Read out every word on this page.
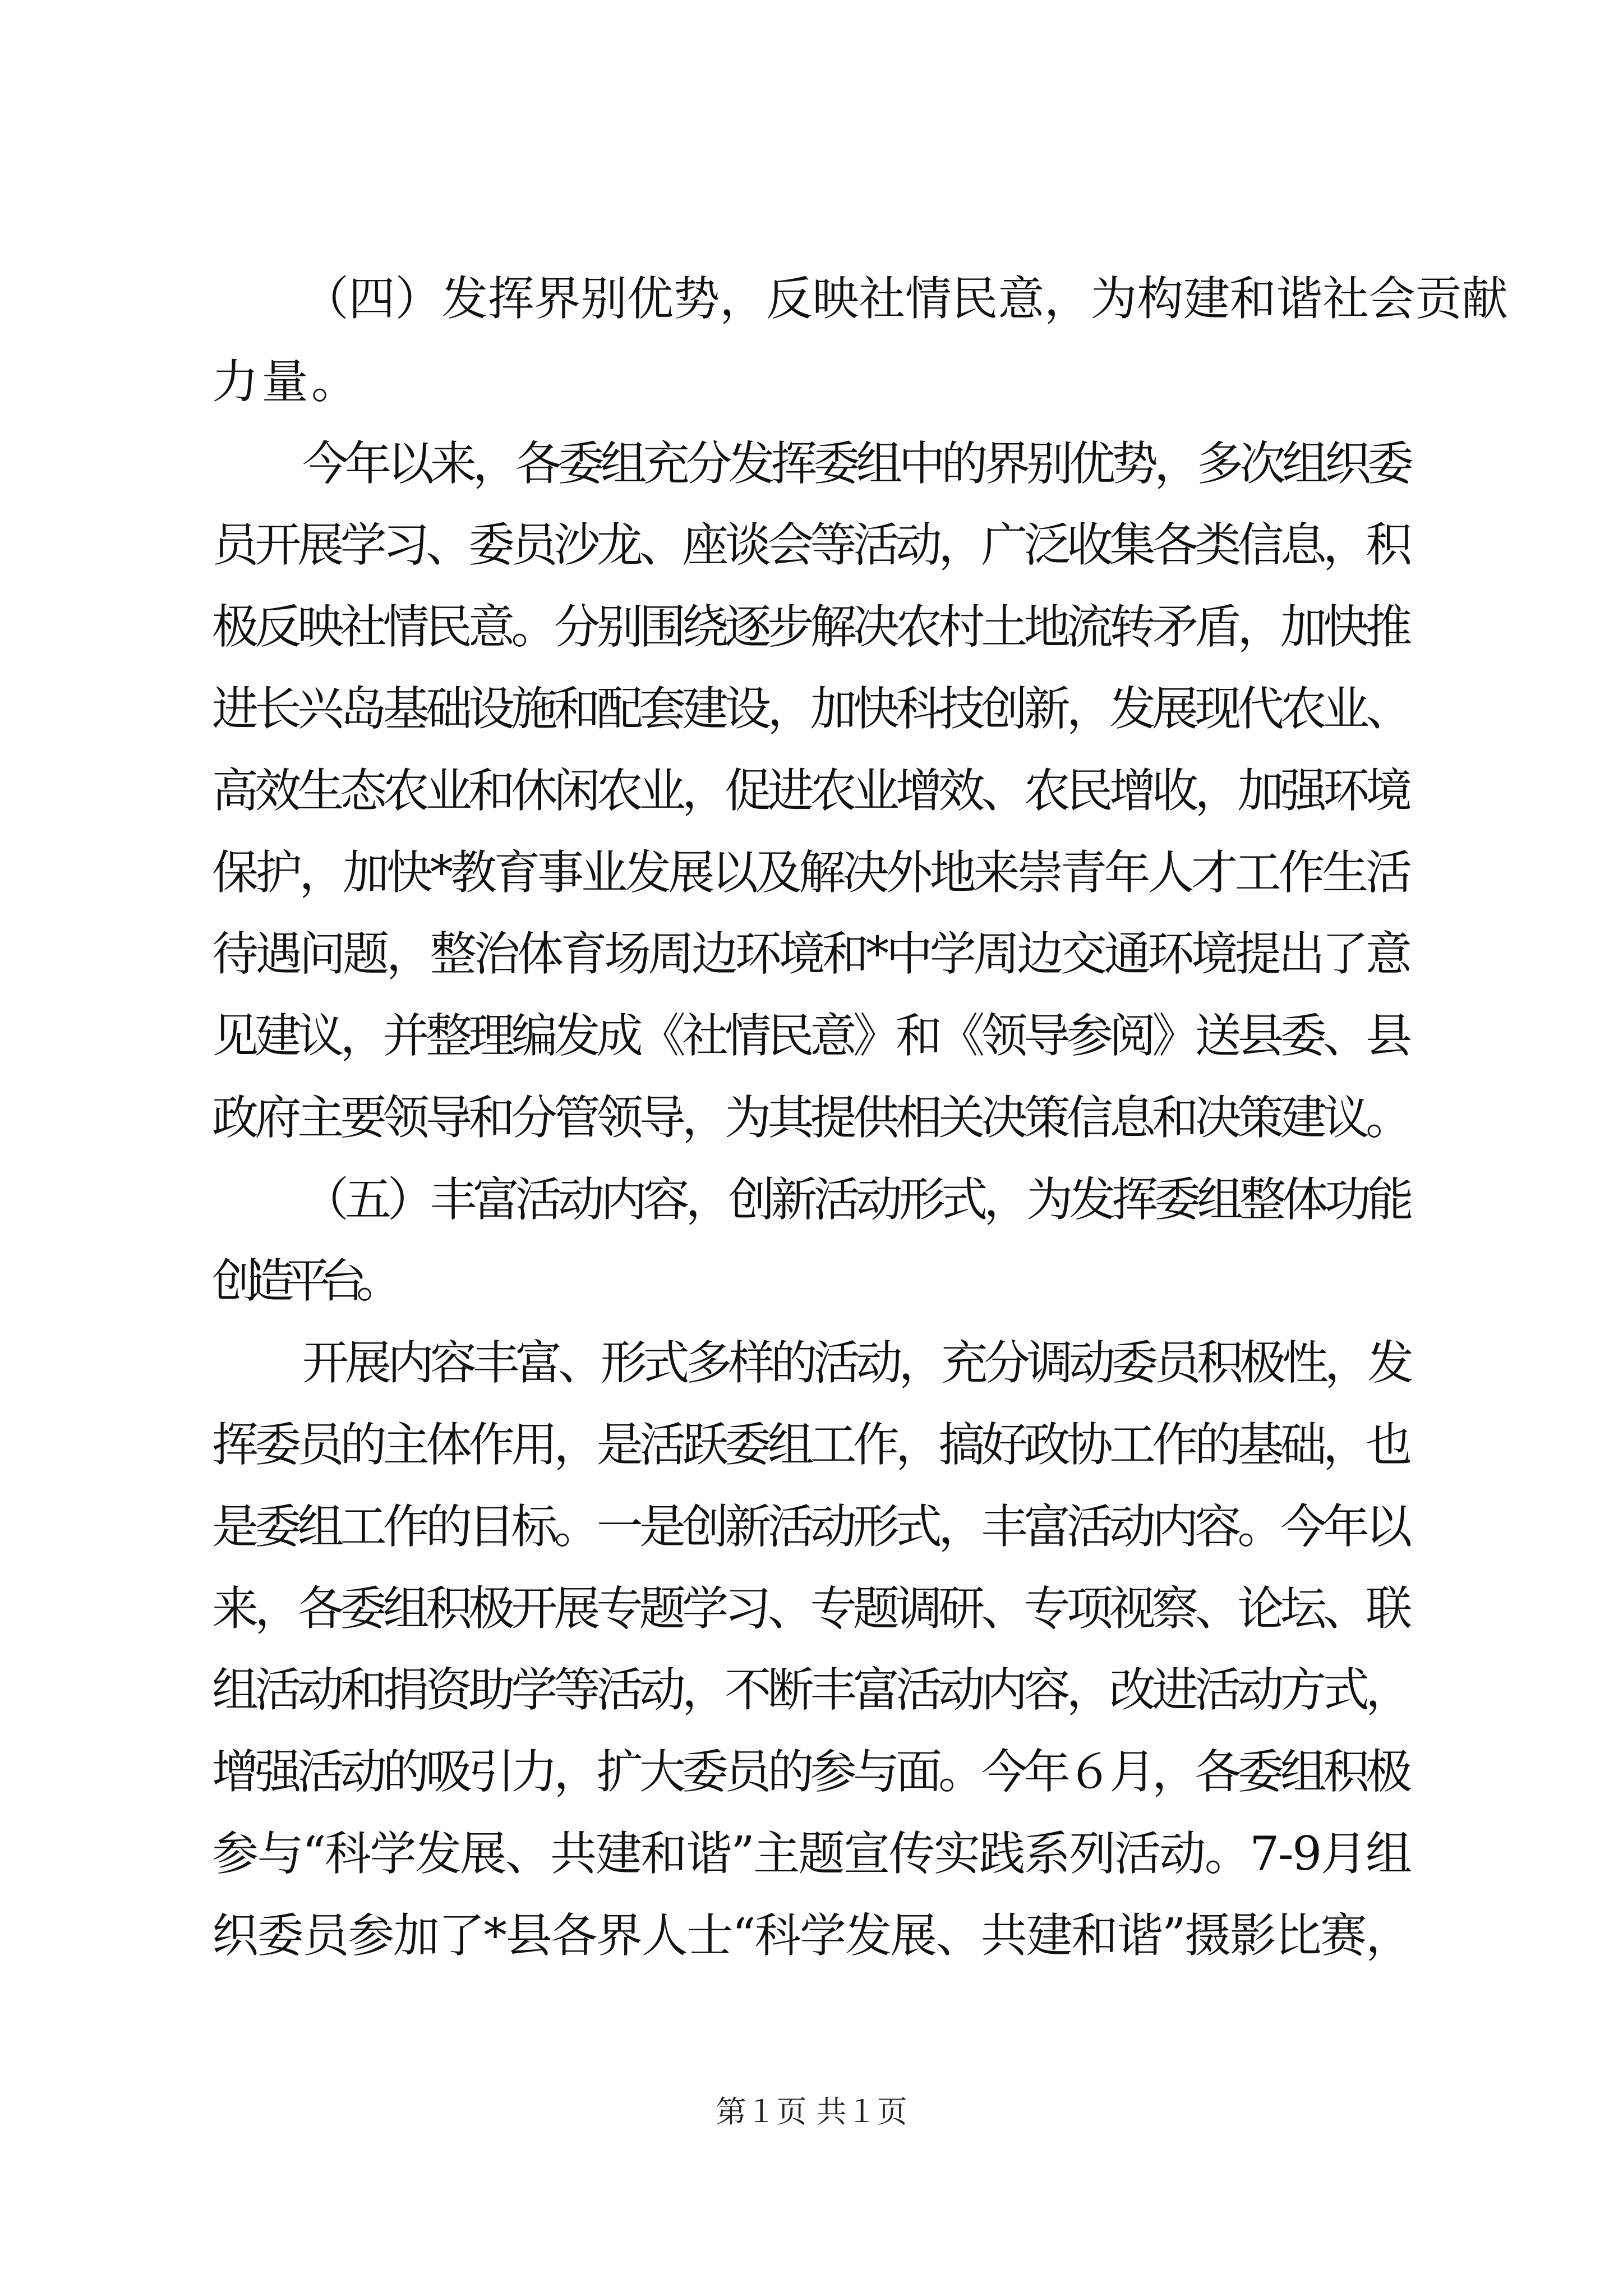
（四）发挥界别优势，反映社情民意，为构建和谐社会贡献

力量。

今年以来，各委组充分发挥委组中的界别优势，多次组织委

员开展学习、委员沙龙、座谈会等活动，广泛收集各类信息，积

极反映社情民意。分别围绕逐步解决农村土地流转矛盾，加快推

进长兴岛基础设施和配套建设，加快科技创新，发展现代农业、

高效生态农业和休闲农业，促进农业增效、农民增收，加强环境

保护，加快*教育事业发展以及解决外地来崇青年人才工作生活

待遇问题，整治体育场周边环境和*中学周边交通环境提出了意

见建议，并整理编发成《社情民意》和《领导参阅》送县委、县

政府主要领导和分管领导，为其提供相关决策信息和决策建议。

（五）丰富活动内容，创新活动形式，为发挥委组整体功能

创造平台。

开展内容丰富、形式多样的活动，充分调动委员积极性，发

挥委员的主体作用，是活跃委组工作，搞好政协工作的基础，也

是委组工作的目标。一是创新活动形式，丰富活动内容。今年以

来，各委组积极开展专题学习、专题调研、专项视察、论坛、联

组活动和捐资助学等活动，不断丰富活动内容，改进活动方式，

增强活动的吸引力，扩大委员的参与面。今年６月，各委组积极

参与“科学发展、共建和谐”主题宣传实践系列活动。7-9月组

织委员参加了*县各界人士“科学发展、共建和谐”摄影比赛，

第１页 共１页
